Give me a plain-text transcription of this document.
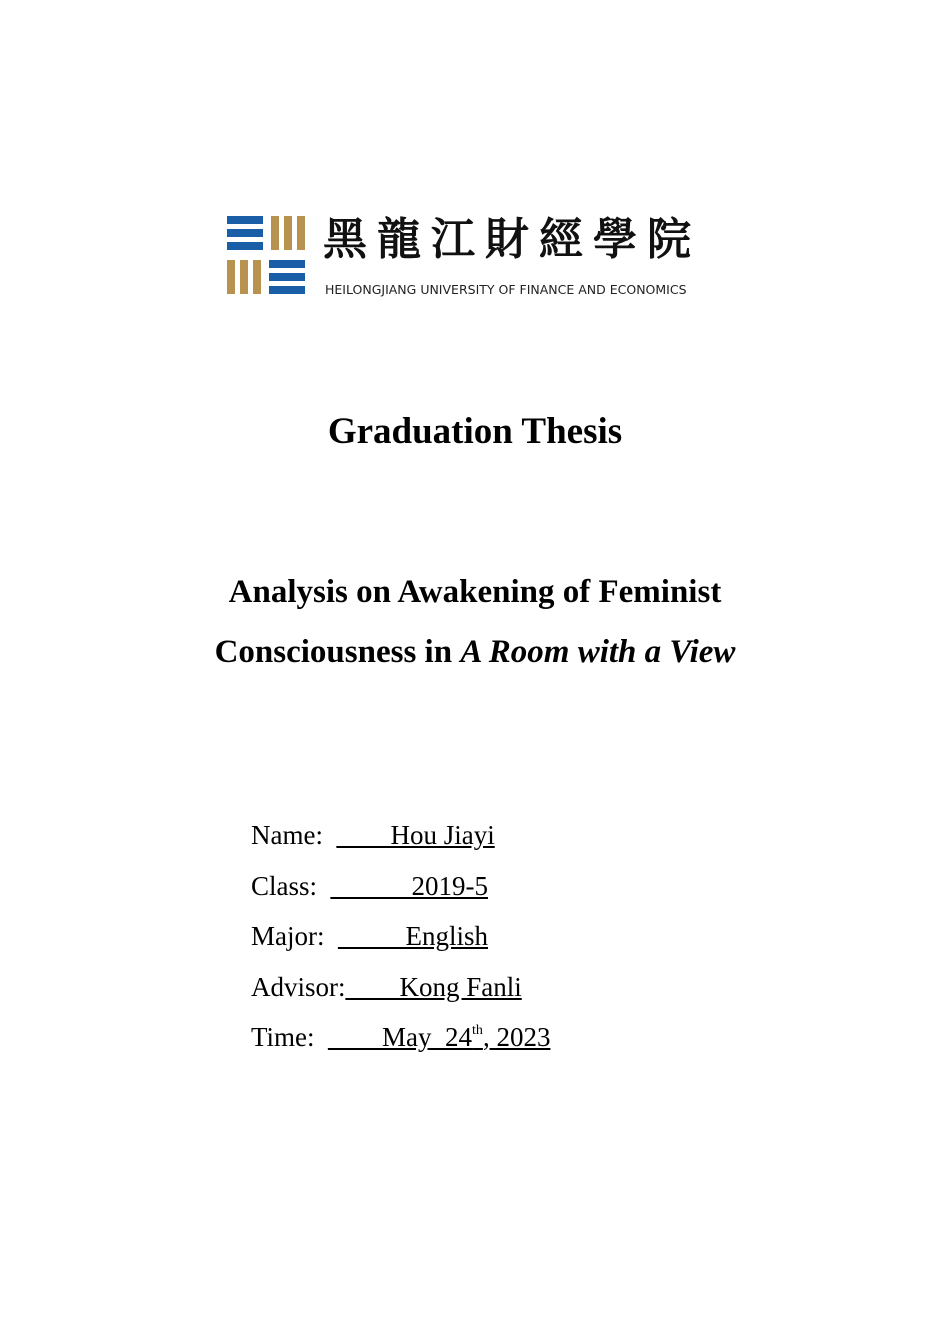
黑龍江財經學院
HEILONGJIANG UNIVERSITY OF FINANCE AND ECONOMICS
Graduation Thesis
Analysis on Awakening of Feminist
Consciousness in A Room with a View
Name:  ____Hou Jiayi
Class:  ______2019-5
Major:  _____English
Advisor:____Kong Fanli
Time:  ____May  24th, 2023
